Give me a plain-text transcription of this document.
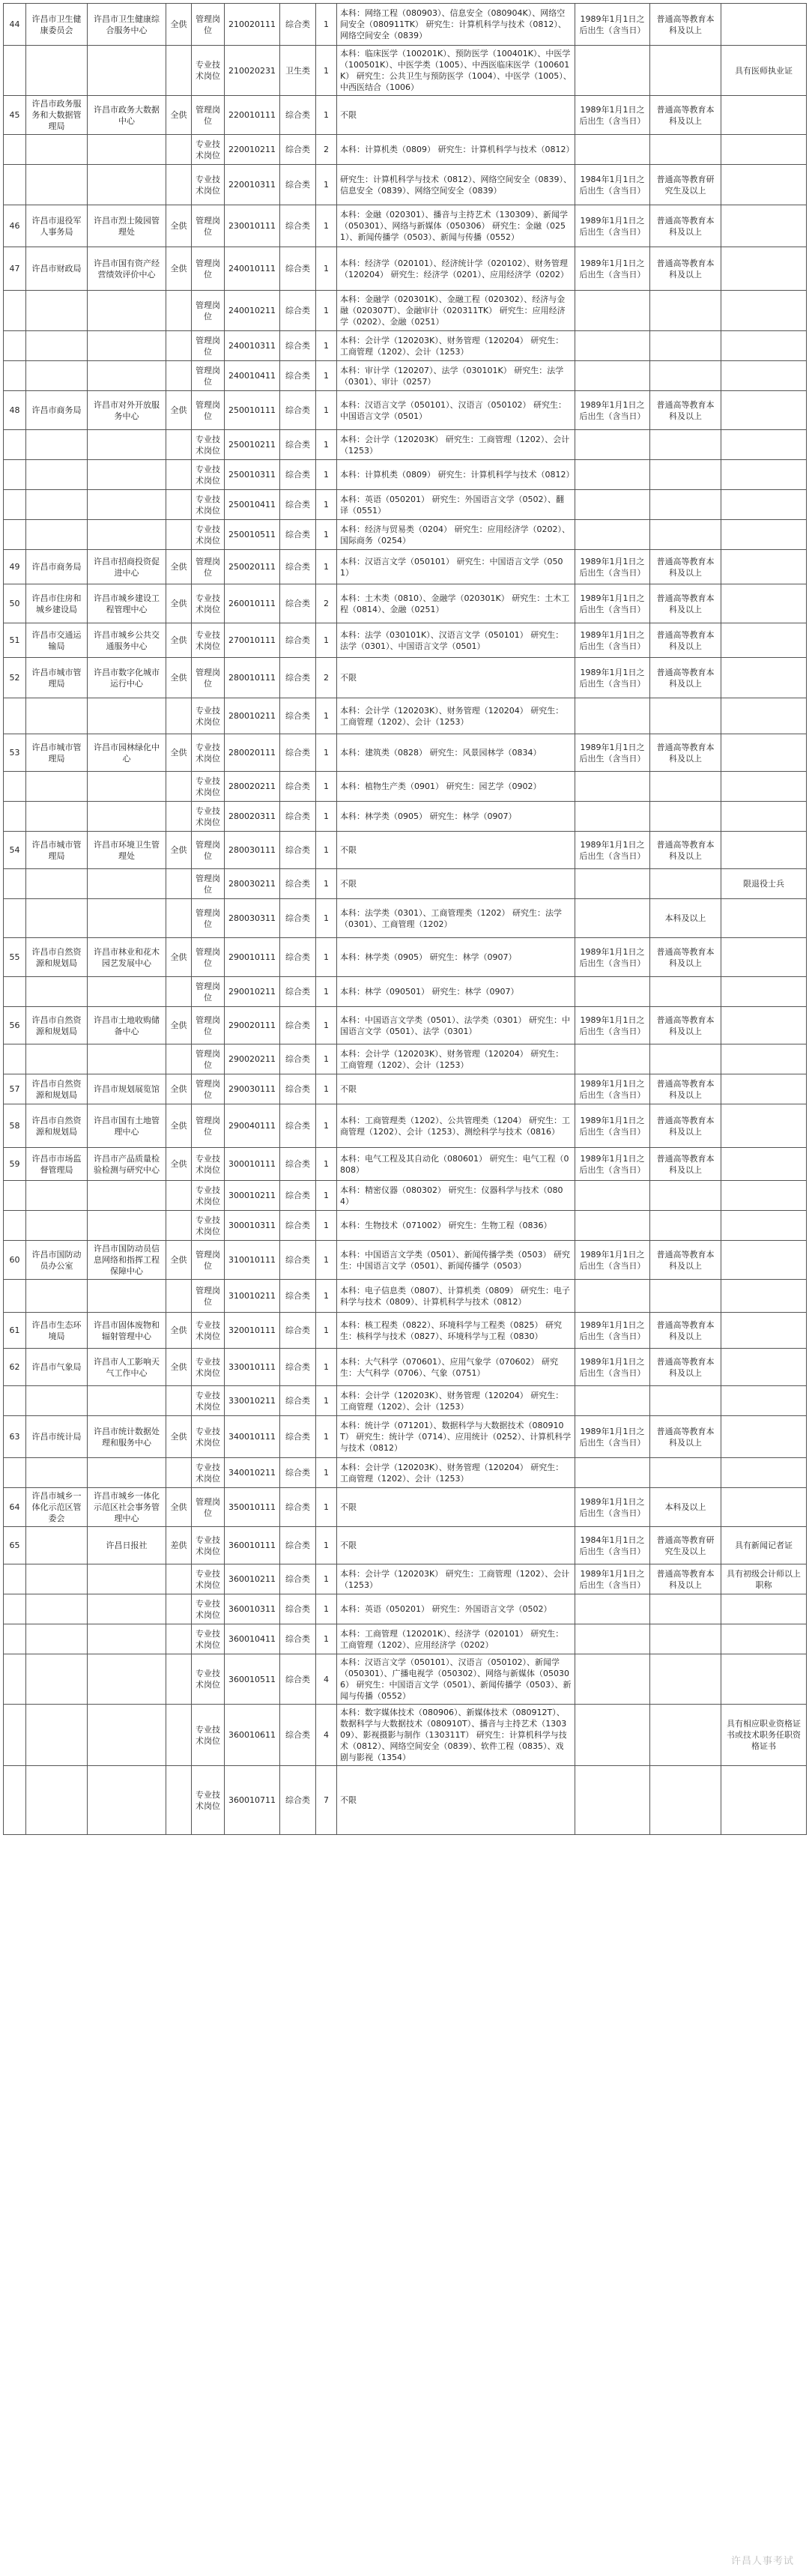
44	许昌市卫生健康委员会	许昌市卫生健康综合服务中心	全供	管理岗位	210020111	综合类	1	本科：网络工程（080903）、信息安全（080904K）、网络空间安全（080911TK） 研究生：计算机科学与技术（0812）、网络空间安全（0839）	1989年1月1日之后出生（含当日）	普通高等教育本科及以上	
				专业技术岗位	210020231	卫生类	1	本科：临床医学（100201K）、预防医学（100401K）、中医学（100501K）、中医学类（1005）、中西医临床医学（100601K） 研究生：公共卫生与预防医学（1004）、中医学（1005）、中西医结合（1006）			具有医师执业证
45	许昌市政务服务和大数据管理局	许昌市政务大数据中心	全供	管理岗位	220010111	综合类	1	不限	1989年1月1日之后出生（含当日）	普通高等教育本科及以上	
				专业技术岗位	220010211	综合类	2	本科：计算机类（0809） 研究生：计算机科学与技术（0812）			
				专业技术岗位	220010311	综合类	1	研究生：计算机科学与技术（0812）、网络空间安全（0839）、信息安全（0839）、网络空间安全（0839）	1984年1月1日之后出生（含当日）	普通高等教育研究生及以上	
46	许昌市退役军人事务局	许昌市烈士陵园管理处	全供	管理岗位	230010111	综合类	1	本科：金融（020301）、播音与主持艺术（130309）、新闻学（050301）、网络与新媒体（050306） 研究生：金融（0251）、新闻传播学（0503）、新闻与传播（0552）	1989年1月1日之后出生（含当日）	普通高等教育本科及以上	
47	许昌市财政局	许昌市国有资产经营绩效评价中心	全供	管理岗位	240010111	综合类	1	本科：经济学（020101）、经济统计学（020102）、财务管理（120204） 研究生：经济学（0201）、应用经济学（0202）	1989年1月1日之后出生（含当日）	普通高等教育本科及以上	
				管理岗位	240010211	综合类	1	本科：金融学（020301K）、金融工程（020302）、经济与金融（020307T）、金融审计（020311TK） 研究生：应用经济学（0202）、金融（0251）			
				管理岗位	240010311	综合类	1	本科：会计学（120203K）、财务管理（120204） 研究生：工商管理（1202）、会计（1253）			
				管理岗位	240010411	综合类	1	本科：审计学（120207）、法学（030101K） 研究生：法学（0301）、审计（0257）			
48	许昌市商务局	许昌市对外开放服务中心	全供	管理岗位	250010111	综合类	1	本科：汉语言文学（050101）、汉语言（050102） 研究生：中国语言文学（0501）	1989年1月1日之后出生（含当日）	普通高等教育本科及以上	
				专业技术岗位	250010211	综合类	1	本科：会计学（120203K） 研究生：工商管理（1202）、会计（1253）			
				专业技术岗位	250010311	综合类	1	本科：计算机类（0809） 研究生：计算机科学与技术（0812）			
				专业技术岗位	250010411	综合类	1	本科：英语（050201） 研究生：外国语言文学（0502）、翻译（0551）			
				专业技术岗位	250010511	综合类	1	本科：经济与贸易类（0204） 研究生：应用经济学（0202）、国际商务（0254）			
49	许昌市商务局	许昌市招商投资促进中心	全供	管理岗位	250020111	综合类	1	本科：汉语言文学（050101） 研究生：中国语言文学（0501）	1989年1月1日之后出生（含当日）	普通高等教育本科及以上	
50	许昌市住房和城乡建设局	许昌市城乡建设工程管理中心	全供	专业技术岗位	260010111	综合类	2	本科：土木类（0810）、金融学（020301K） 研究生：土木工程（0814）、金融（0251）	1989年1月1日之后出生（含当日）	普通高等教育本科及以上	
51	许昌市交通运输局	许昌市城乡公共交通服务中心	全供	专业技术岗位	270010111	综合类	1	本科：法学（030101K）、汉语言文学（050101） 研究生：法学（0301）、中国语言文学（0501）	1989年1月1日之后出生（含当日）	普通高等教育本科及以上	
52	许昌市城市管理局	许昌市数字化城市运行中心	全供	管理岗位	280010111	综合类	2	不限	1989年1月1日之后出生（含当日）	普通高等教育本科及以上	
				专业技术岗位	280010211	综合类	1	本科：会计学（120203K）、财务管理（120204） 研究生：工商管理（1202）、会计（1253）			
53	许昌市城市管理局	许昌市园林绿化中心	全供	专业技术岗位	280020111	综合类	1	本科：建筑类（0828） 研究生：风景园林学（0834）	1989年1月1日之后出生（含当日）	普通高等教育本科及以上	
				专业技术岗位	280020211	综合类	1	本科：植物生产类（0901） 研究生：园艺学（0902）			
				专业技术岗位	280020311	综合类	1	本科：林学类（0905） 研究生：林学（0907）			
54	许昌市城市管理局	许昌市环境卫生管理处	全供	管理岗位	280030111	综合类	1	不限	1989年1月1日之后出生（含当日）	普通高等教育本科及以上	
				管理岗位	280030211	综合类	1	不限			限退役士兵
				管理岗位	280030311	综合类	1	本科：法学类（0301）、工商管理类（1202） 研究生：法学（0301）、工商管理（1202）		本科及以上	
55	许昌市自然资源和规划局	许昌市林业和花木园艺发展中心	全供	管理岗位	290010111	综合类	1	本科：林学类（0905） 研究生：林学（0907）	1989年1月1日之后出生（含当日）	普通高等教育本科及以上	
				管理岗位	290010211	综合类	1	本科：林学（090501） 研究生：林学（0907）			
56	许昌市自然资源和规划局	许昌市土地收购储备中心	全供	管理岗位	290020111	综合类	1	本科：中国语言文学类（0501）、法学类（0301） 研究生：中国语言文学（0501）、法学（0301）	1989年1月1日之后出生（含当日）	普通高等教育本科及以上	
				管理岗位	290020211	综合类	1	本科：会计学（120203K）、财务管理（120204） 研究生：工商管理（1202）、会计（1253）			
57	许昌市自然资源和规划局	许昌市规划展览馆	全供	管理岗位	290030111	综合类	1	不限	1989年1月1日之后出生（含当日）	普通高等教育本科及以上	
58	许昌市自然资源和规划局	许昌市国有土地管理中心	全供	管理岗位	290040111	综合类	1	本科：工商管理类（1202）、公共管理类（1204） 研究生：工商管理（1202）、会计（1253）、测绘科学与技术（0816）	1989年1月1日之后出生（含当日）	普通高等教育本科及以上	
59	许昌市市场监督管理局	许昌市产品质量检验检测与研究中心	全供	专业技术岗位	300010111	综合类	1	本科：电气工程及其自动化（080601） 研究生：电气工程（0808）	1989年1月1日之后出生（含当日）	普通高等教育本科及以上	
				专业技术岗位	300010211	综合类	1	本科：精密仪器（080302） 研究生：仪器科学与技术（0804）			
				专业技术岗位	300010311	综合类	1	本科：生物技术（071002） 研究生：生物工程（0836）			
60	许昌市国防动员办公室	许昌市国防动员信息网络和指挥工程保障中心	全供	管理岗位	310010111	综合类	1	本科：中国语言文学类（0501）、新闻传播学类（0503） 研究生：中国语言文学（0501）、新闻传播学（0503）	1989年1月1日之后出生（含当日）	普通高等教育本科及以上	
				管理岗位	310010211	综合类	1	本科：电子信息类（0807）、计算机类（0809） 研究生：电子科学与技术（0809）、计算机科学与技术（0812）			
61	许昌市生态环境局	许昌市固体废物和辐射管理中心	全供	专业技术岗位	320010111	综合类	1	本科：核工程类（0822）、环境科学与工程类（0825） 研究生：核科学与技术（0827）、环境科学与工程（0830）	1989年1月1日之后出生（含当日）	普通高等教育本科及以上	
62	许昌市气象局	许昌市人工影响天气工作中心	全供	专业技术岗位	330010111	综合类	1	本科：大气科学（070601）、应用气象学（070602） 研究生：大气科学（0706）、气象（0751）	1989年1月1日之后出生（含当日）	普通高等教育本科及以上	
				专业技术岗位	330010211	综合类	1	本科：会计学（120203K）、财务管理（120204） 研究生：工商管理（1202）、会计（1253）			
63	许昌市统计局	许昌市统计数据处理和服务中心	全供	专业技术岗位	340010111	综合类	1	本科：统计学（071201）、数据科学与大数据技术（080910T） 研究生：统计学（0714）、应用统计（0252）、计算机科学与技术（0812）	1989年1月1日之后出生（含当日）	普通高等教育本科及以上	
				专业技术岗位	340010211	综合类	1	本科：会计学（120203K）、财务管理（120204） 研究生：工商管理（1202）、会计（1253）			
64	许昌市城乡一体化示范区管委会	许昌市城乡一体化示范区社会事务管理中心	全供	管理岗位	350010111	综合类	1	不限	1989年1月1日之后出生（含当日）	本科及以上	
65		许昌日报社	差供	专业技术岗位	360010111	综合类	1	不限	1984年1月1日之后出生（含当日）	普通高等教育研究生及以上	具有新闻记者证
				专业技术岗位	360010211	综合类	1	本科：会计学（120203K） 研究生：工商管理（1202）、会计（1253）	1989年1月1日之后出生（含当日）	普通高等教育本科及以上	具有初级会计师以上职称
				专业技术岗位	360010311	综合类	1	本科：英语（050201） 研究生：外国语言文学（0502）			
				专业技术岗位	360010411	综合类	1	本科：工商管理（120201K）、经济学（020101） 研究生：工商管理（1202）、应用经济学（0202）			
				专业技术岗位	360010511	综合类	4	本科：汉语言文学（050101）、汉语言（050102）、新闻学（050301）、广播电视学（050302）、网络与新媒体（050306） 研究生：中国语言文学（0501）、新闻传播学（0503）、新闻与传播（0552）			
				专业技术岗位	360010611	综合类	4	本科：数字媒体技术（080906）、新媒体技术（080912T）、数据科学与大数据技术（080910T）、播音与主持艺术（130309）、影视摄影与制作（130311T） 研究生：计算机科学与技术（0812）、网络空间安全（0839）、软件工程（0835）、戏剧与影视（1354）			具有相应职业资格证书或技术职务任职资格证书
				专业技术岗位	360010711	综合类	7	不限			
许昌人事考试
